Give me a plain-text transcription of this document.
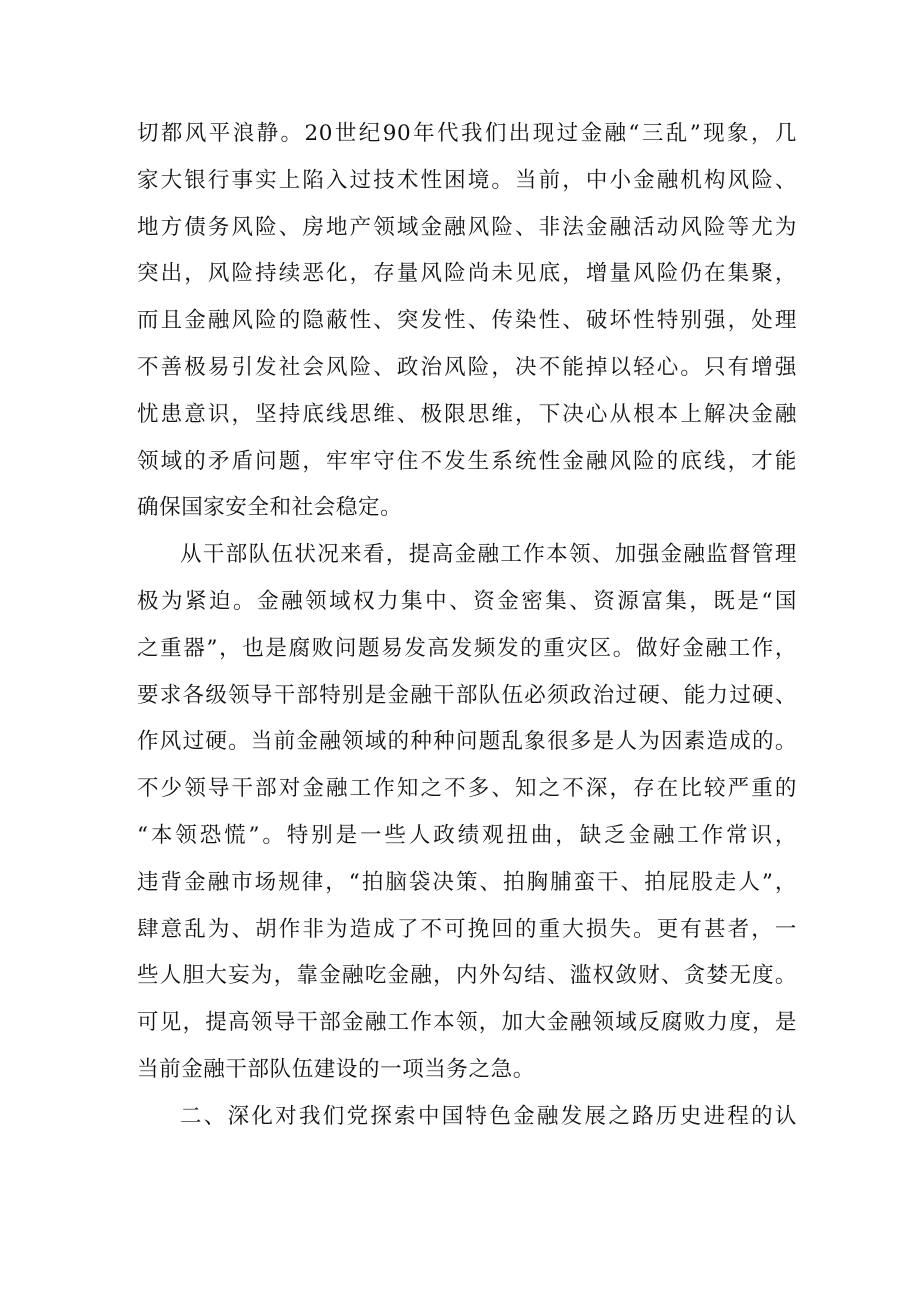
切都风平浪静。20世纪90年代我们出现过金融“三乱”现象，几
家大银行事实上陷入过技术性困境。当前，中小金融机构风险、
地方债务风险、房地产领域金融风险、非法金融活动风险等尤为
突出，风险持续恶化，存量风险尚未见底，增量风险仍在集聚，
而且金融风险的隐蔽性、突发性、传染性、破坏性特别强，处理
不善极易引发社会风险、政治风险，决不能掉以轻心。只有增强
忧患意识，坚持底线思维、极限思维，下决心从根本上解决金融
领域的矛盾问题，牢牢守住不发生系统性金融风险的底线，才能
确保国家安全和社会稳定。
从干部队伍状况来看，提高金融工作本领、加强金融监督管理
极为紧迫。金融领域权力集中、资金密集、资源富集，既是“国
之重器”，也是腐败问题易发高发频发的重灾区。做好金融工作，
要求各级领导干部特别是金融干部队伍必须政治过硬、能力过硬、
作风过硬。当前金融领域的种种问题乱象很多是人为因素造成的。
不少领导干部对金融工作知之不多、知之不深，存在比较严重的
“本领恐慌”。特别是一些人政绩观扭曲，缺乏金融工作常识，
违背金融市场规律，“拍脑袋决策、拍胸脯蛮干、拍屁股走人”，
肆意乱为、胡作非为造成了不可挽回的重大损失。更有甚者，一
些人胆大妄为，靠金融吃金融，内外勾结、滥权敛财、贪婪无度。
可见，提高领导干部金融工作本领，加大金融领域反腐败力度，是
当前金融干部队伍建设的一项当务之急。
二、深化对我们党探索中国特色金融发展之路历史进程的认
